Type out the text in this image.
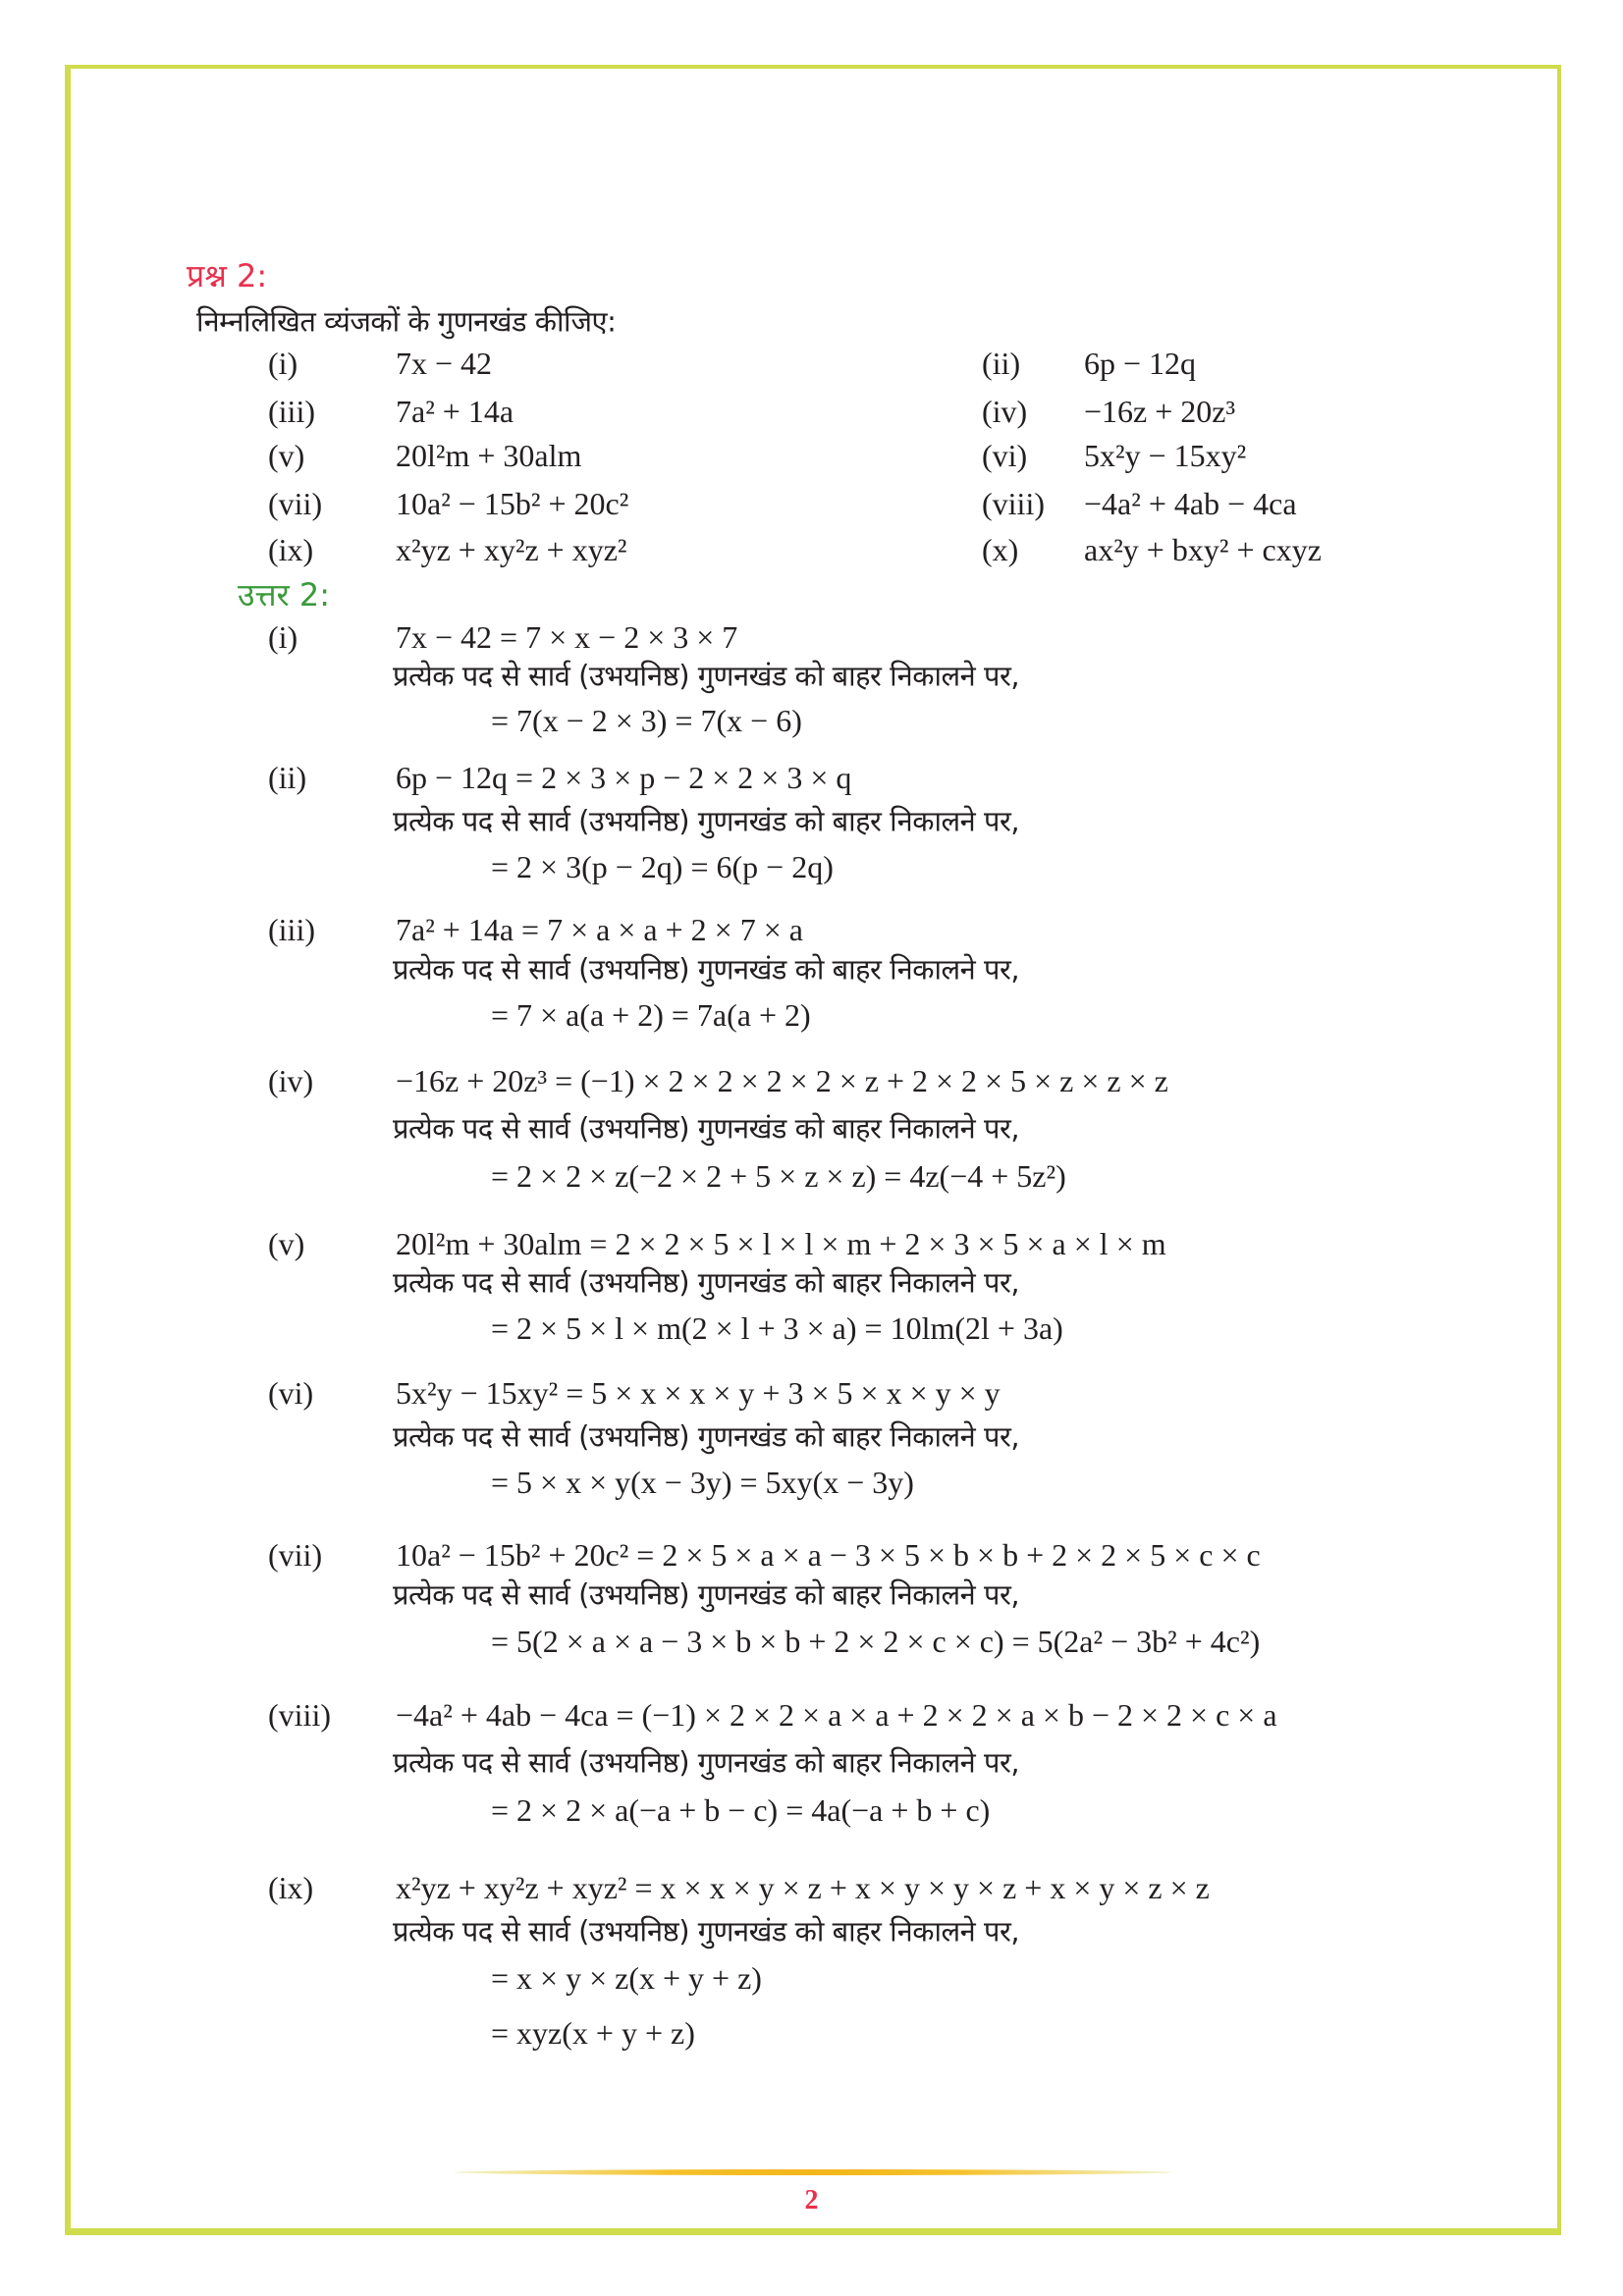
प्रश्न 2:
निम्नलिखित व्यंजकों के गुणनखंड कीजिए:
(i)	7x − 42	(ii) 6p − 12q
(iii)	7a² + 14a	(iv) −16z + 20z³
(v)	20l²m + 30alm	(vi) 5x²y − 15xy²
(vii) 10a² − 15b² + 20c²	(viii) −4a² + 4ab − 4ca
(ix)	x²yz + xy²z + xyz²	(x) ax²y + bxy² + cxyz
उत्तर 2:
(i)	7x − 42 = 7 × x − 2 × 3 × 7
प्रत्येक पद से सार्व (उभयनिष्ठ) गुणनखंड को बाहर निकालने पर,
= 7(x − 2 × 3) = 7(x − 6)
(ii)	6p − 12q = 2 × 3 × p − 2 × 2 × 3 × q
प्रत्येक पद से सार्व (उभयनिष्ठ) गुणनखंड को बाहर निकालने पर,
= 2 × 3(p − 2q) = 6(p − 2q)
(iii)	7a² + 14a = 7 × a × a + 2 × 7 × a
प्रत्येक पद से सार्व (उभयनिष्ठ) गुणनखंड को बाहर निकालने पर,
= 7 × a(a + 2) = 7a(a + 2)
(iv)	−16z + 20z³ = (−1) × 2 × 2 × 2 × 2 × z + 2 × 2 × 5 × z × z × z
प्रत्येक पद से सार्व (उभयनिष्ठ) गुणनखंड को बाहर निकालने पर,
= 2 × 2 × z(−2 × 2 + 5 × z × z) = 4z(−4 + 5z²)
(v)	20l²m + 30alm = 2 × 2 × 5 × l × l × m + 2 × 3 × 5 × a × l × m
प्रत्येक पद से सार्व (उभयनिष्ठ) गुणनखंड को बाहर निकालने पर,
= 2 × 5 × l × m(2 × l + 3 × a) = 10lm(2l + 3a)
(vi)	5x²y − 15xy² = 5 × x × x × y + 3 × 5 × x × y × y
प्रत्येक पद से सार्व (उभयनिष्ठ) गुणनखंड को बाहर निकालने पर,
= 5 × x × y(x − 3y) = 5xy(x − 3y)
(vii) 10a² − 15b² + 20c² = 2 × 5 × a × a − 3 × 5 × b × b + 2 × 2 × 5 × c × c
प्रत्येक पद से सार्व (उभयनिष्ठ) गुणनखंड को बाहर निकालने पर,
= 5(2 × a × a − 3 × b × b + 2 × 2 × c × c) = 5(2a² − 3b² + 4c²)
(viii) −4a² + 4ab − 4ca = (−1) × 2 × 2 × a × a + 2 × 2 × a × b − 2 × 2 × c × a
प्रत्येक पद से सार्व (उभयनिष्ठ) गुणनखंड को बाहर निकालने पर,
= 2 × 2 × a(−a + b − c) = 4a(−a + b + c)
(ix)	x²yz + xy²z + xyz² = x × x × y × z + x × y × y × z + x × y × z × z
प्रत्येक पद से सार्व (उभयनिष्ठ) गुणनखंड को बाहर निकालने पर,
= x × y × z(x + y + z)
= xyz(x + y + z)
2
